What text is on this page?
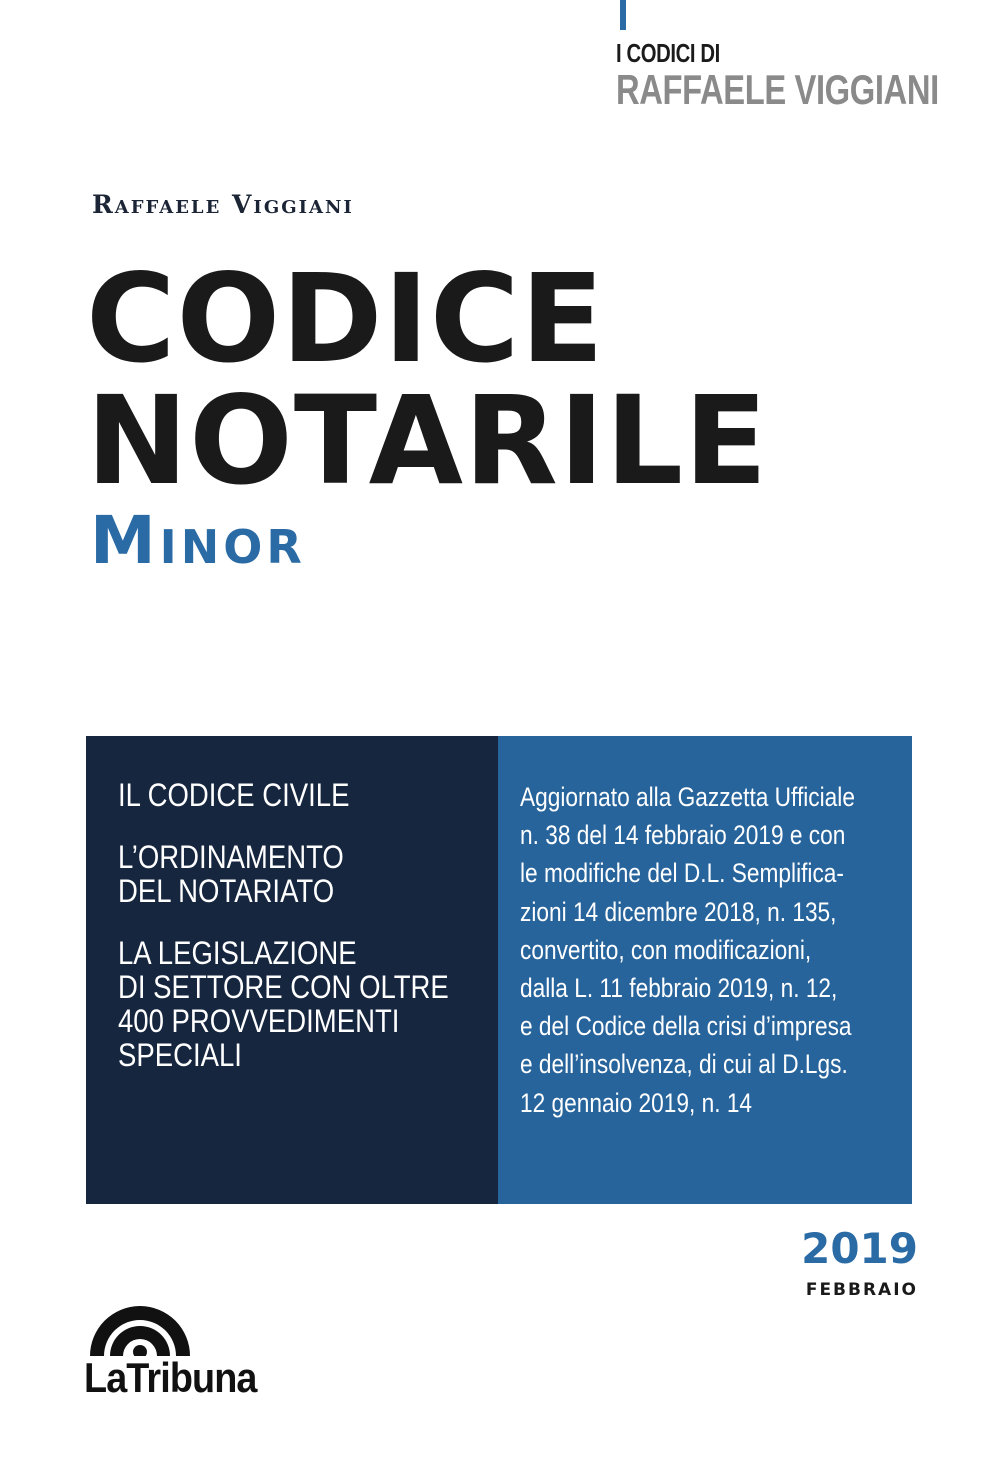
I CODICI DI
RAFFAELE VIGGIANI
Raffaele Viggiani
CODICE
NOTARILE
Minor
IL CODICE CIVILE
L’ORDINAMENTO
DEL NOTARIATO
LA LEGISLAZIONE
DI SETTORE CON OLTRE
400 PROVVEDIMENTI
SPECIALI
Aggiornato alla Gazzetta Ufficiale
n. 38 del 14 febbraio 2019 e con
le modifiche del D.L. Semplifica-
zioni 14 dicembre 2018, n. 135,
convertito, con modificazioni,
dalla L. 11 febbraio 2019, n. 12,
e del Codice della crisi d’impresa
e dell’insolvenza, di cui al D.Lgs.
12 gennaio 2019, n. 14
2019
FEBBRAIO
LaTribuna
